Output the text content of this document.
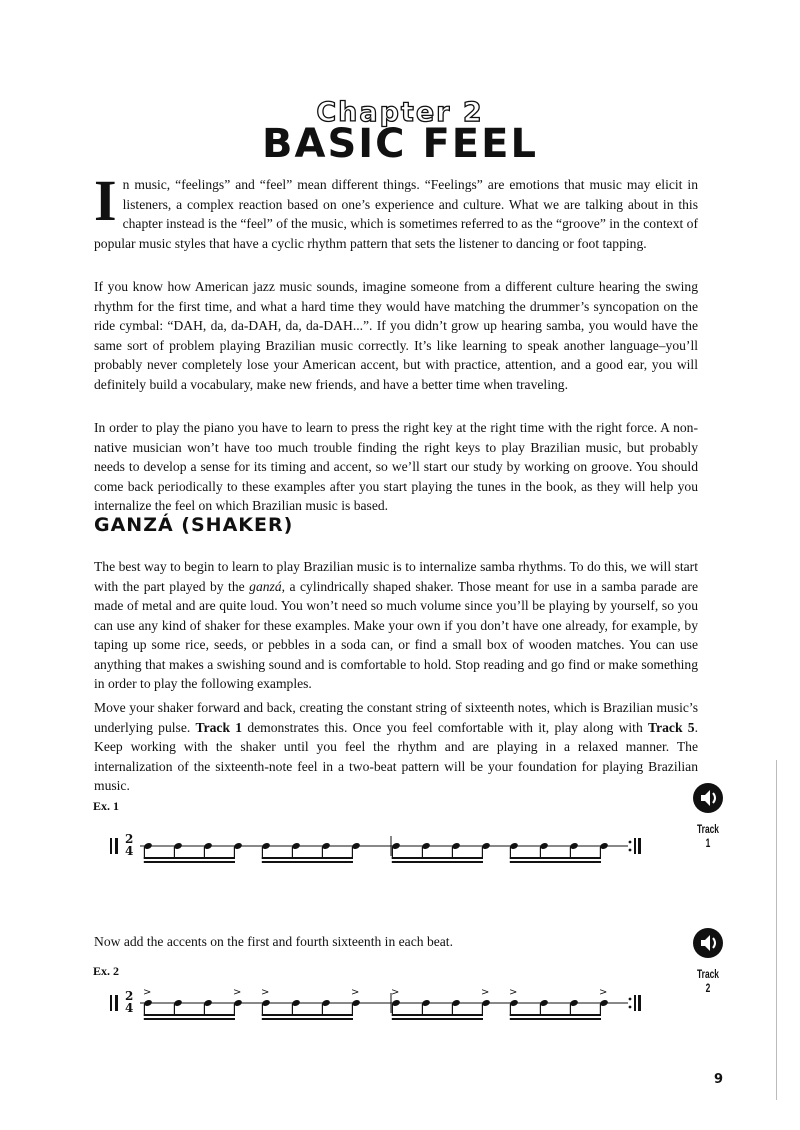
Chapter 2
BASIC FEEL

I n music, “feelings” and “feel” mean different things. “Feelings” are emotions that music may elicit in listeners, a complex reaction based on one’s experience and culture. What we are talking about in this chapter instead is the “feel” of the music, which is sometimes referred to as the “groove” in the context of popular music styles that have a cyclic rhythm pattern that sets the listener to dancing or foot tapping.

If you know how American jazz music sounds, imagine someone from a different culture hearing the swing rhythm for the first time, and what a hard time they would have matching the drummer’s syncopation on the ride cymbal: “DAH, da, da-DAH, da, da-DAH...”. If you didn’t grow up hearing samba, you would have the same sort of problem playing Brazilian music correctly. It’s like learning to speak another language–you’ll probably never completely lose your American accent, but with practice, attention, and a good ear, you will definitely build a vocabulary, make new friends, and have a better time when traveling.

In order to play the piano you have to learn to press the right key at the right time with the right force. A non-native musician won’t have too much trouble finding the right keys to play Brazilian music, but probably needs to develop a sense for its timing and accent, so we’ll start our study by working on groove. You should come back periodically to these examples after you start playing the tunes in the book, as they will help you internalize the feel on which Brazilian music is based.

GANZÁ (SHAKER)

The best way to begin to learn to play Brazilian music is to internalize samba rhythms. To do this, we will start with the part played by the ganzá, a cylindrically shaped shaker. Those meant for use in a samba parade are made of metal and are quite loud. You won’t need so much volume since you’ll be playing by yourself, so you can use any kind of shaker for these examples. Make your own if you don’t have one already, for example, by taping up some rice, seeds, or pebbles in a soda can, or find a small box of wooden matches. You can use anything that makes a swishing sound and is comfortable to hold. Stop reading and go find or make something in order to play the following examples.

Move your shaker forward and back, creating the constant string of sixteenth notes, which is Brazilian music’s underlying pulse. Track 1 demonstrates this. Once you feel comfortable with it, play along with Track 5. Keep working with the shaker until you feel the rhythm and are playing in a relaxed manner. The internalization of the sixteenth-note feel in a two-beat pattern will be your foundation for playing Brazilian music.

Ex. 1
Track 1
2
4

Now add the accents on the first and fourth sixteenth in each beat.

Ex. 2	Track 2
2
4
>	> >	>	>	> >	>
9
